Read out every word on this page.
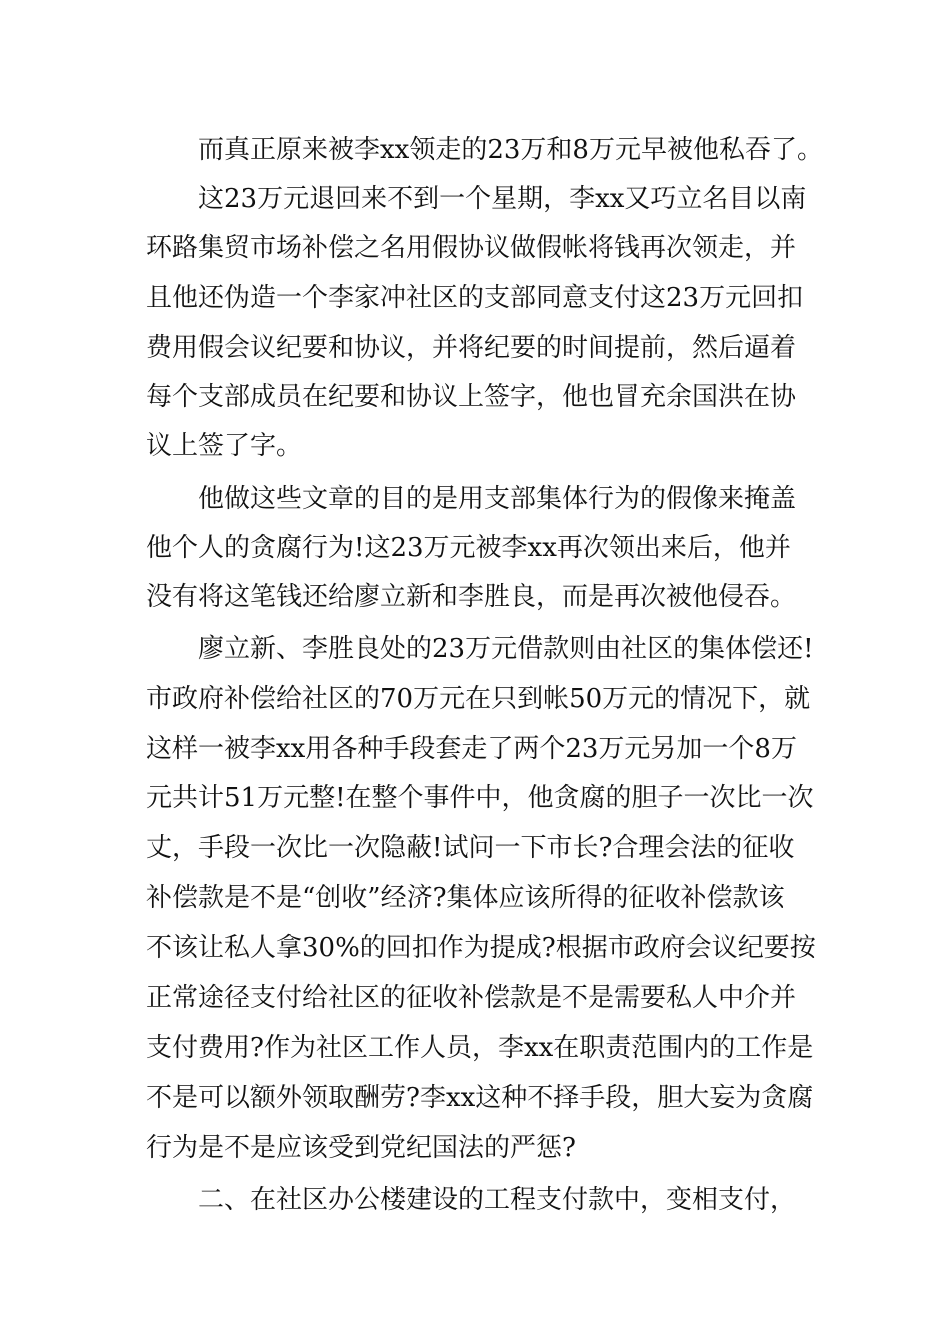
而真正原来被李xx领走的23万和8万元早被他私吞了。
这23万元退回来不到一个星期，李xx又巧立名目以南
环路集贸市场补偿之名用假协议做假帐将钱再次领走，并
且他还伪造一个李家冲社区的支部同意支付这23万元回扣
费用假会议纪要和协议，并将纪要的时间提前，然后逼着
每个支部成员在纪要和协议上签字，他也冒充余国洪在协
议上签了字。
他做这些文章的目的是用支部集体行为的假像来掩盖
他个人的贪腐行为!这23万元被李xx再次领出来后，他并
没有将这笔钱还给廖立新和李胜良，而是再次被他侵吞。
廖立新、李胜良处的23万元借款则由社区的集体偿还!
市政府补偿给社区的70万元在只到帐50万元的情况下，就
这样一被李xx用各种手段套走了两个23万元另加一个8万
元共计51万元整!在整个事件中，他贪腐的胆子一次比一次
丈，手段一次比一次隐蔽!试问一下市长?合理会法的征收
补偿款是不是“创收”经济?集体应该所得的征收补偿款该
不该让私人拿30%的回扣作为提成?根据市政府会议纪要按
正常途径支付给社区的征收补偿款是不是需要私人中介并
支付费用?作为社区工作人员，李xx在职责范围内的工作是
不是可以额外领取酬劳?李xx这种不择手段，胆大妄为贪腐
行为是不是应该受到党纪国法的严惩?
二、在社区办公楼建设的工程支付款中，变相支付，
